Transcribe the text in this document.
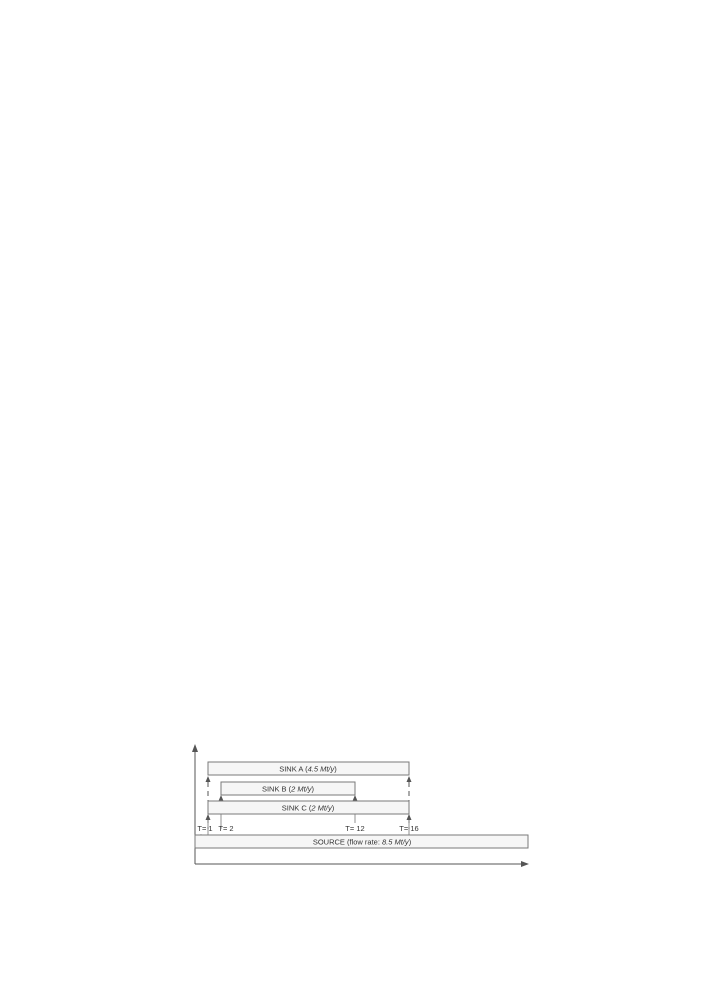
SINK A (4.5 Mt/y)
SINK B (2 Mt/y)
SINK C (2 Mt/y)
T= 1 T= 2	T= 12	T= 16
SOURCE (flow rate: 8.5 Mt/y)
